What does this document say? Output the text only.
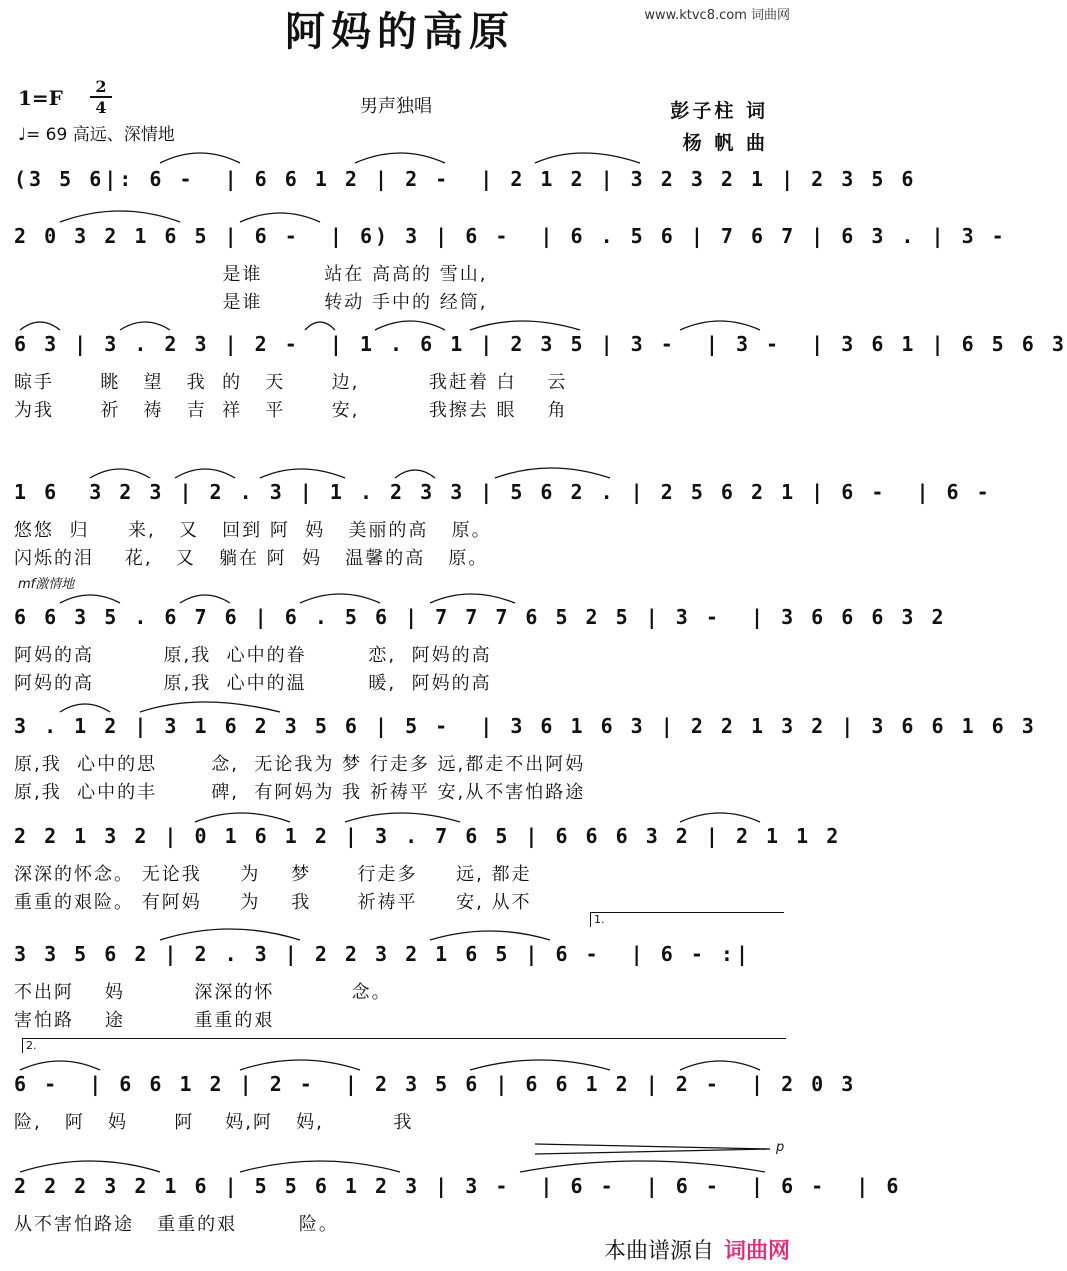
www.ktvc8.com 词曲网
阿妈的高原
1=F	2
4
♩= 69 高远、深情地
男声独唱	彭子柱 词
杨 帆 曲
(3 5 6|: 6 -  | 6 6 1 2 | 2 -  | 2 1 2 | 3 2 3 2 1 | 2 3 5 6
2 0 3 2 1 6 5 | 6 -  | 6) 3 | 6 -  | 6 . 5 6 | 7 6 7 | 6 3 . | 3 -
是谁        站在 高高的 雪山,
是谁        转动 手中的 经筒,
6 3 | 3 . 2 3 | 2 -  | 1 . 6 1 | 2 3 5 | 3 -  | 3 -  | 3 6 1 | 6 5 6 3
晾手      眺   望   我  的   天      边,         我赶着 白    云
为我      祈   祷   吉  祥   平      安,         我擦去 眼    角
1 6  3 2 3 | 2 . 3 | 1 . 2 3 3 | 5 6 2 . | 2 5 6 2 1 | 6 -  | 6 -
悠悠  归     来,   又   回到 阿  妈   美丽的高   原。
闪烁的泪    花,   又   躺在 阿  妈   温馨的高   原。
mf激情地
6 6 3 5 . 6 7 6 | 6 . 5 6 | 7 7 7 6 5 2 5 | 3 -  | 3 6 6 6 3 2
阿妈的高         原,我  心中的眷        恋,  阿妈的高
阿妈的高         原,我  心中的温        暖,  阿妈的高
3 . 1 2 | 3 1 6 2 3 5 6 | 5 -  | 3 6 1 6 3 | 2 2 1 3 2 | 3 6 6 1 6 3
原,我  心中的思       念,  无论我为 梦 行走多 远,都走不出阿妈
原,我  心中的丰       碑,  有阿妈为 我 祈祷平 安,从不害怕路途
2 2 1 3 2 | 0 1 6 1 2 | 3 . 7 6 5 | 6 6 6 3 2 | 2 1 1 2
深深的怀念。 无论我     为    梦      行走多     远, 都走
重重的艰险。 有阿妈     为    我      祈祷平     安, 从不
1.
3 3 5 6 2 | 2 . 3 | 2 2 3 2 1 6 5 | 6 -  | 6 - :|
不出阿    妈         深深的怀          念。
害怕路    途         重重的艰
2.
6 -  | 6 6 1 2 | 2 -  | 2 3 5 6 | 6 6 1 2 | 2 -  | 2 0 3
险,   阿   妈      阿    妈,阿   妈,         我
p
2 2 2 3 2 1 6 | 5 5 6 1 2 3 | 3 -  | 6 -  | 6 -  | 6 -  | 6
从不害怕路途   重重的艰        险。
本曲谱源自 词曲网
